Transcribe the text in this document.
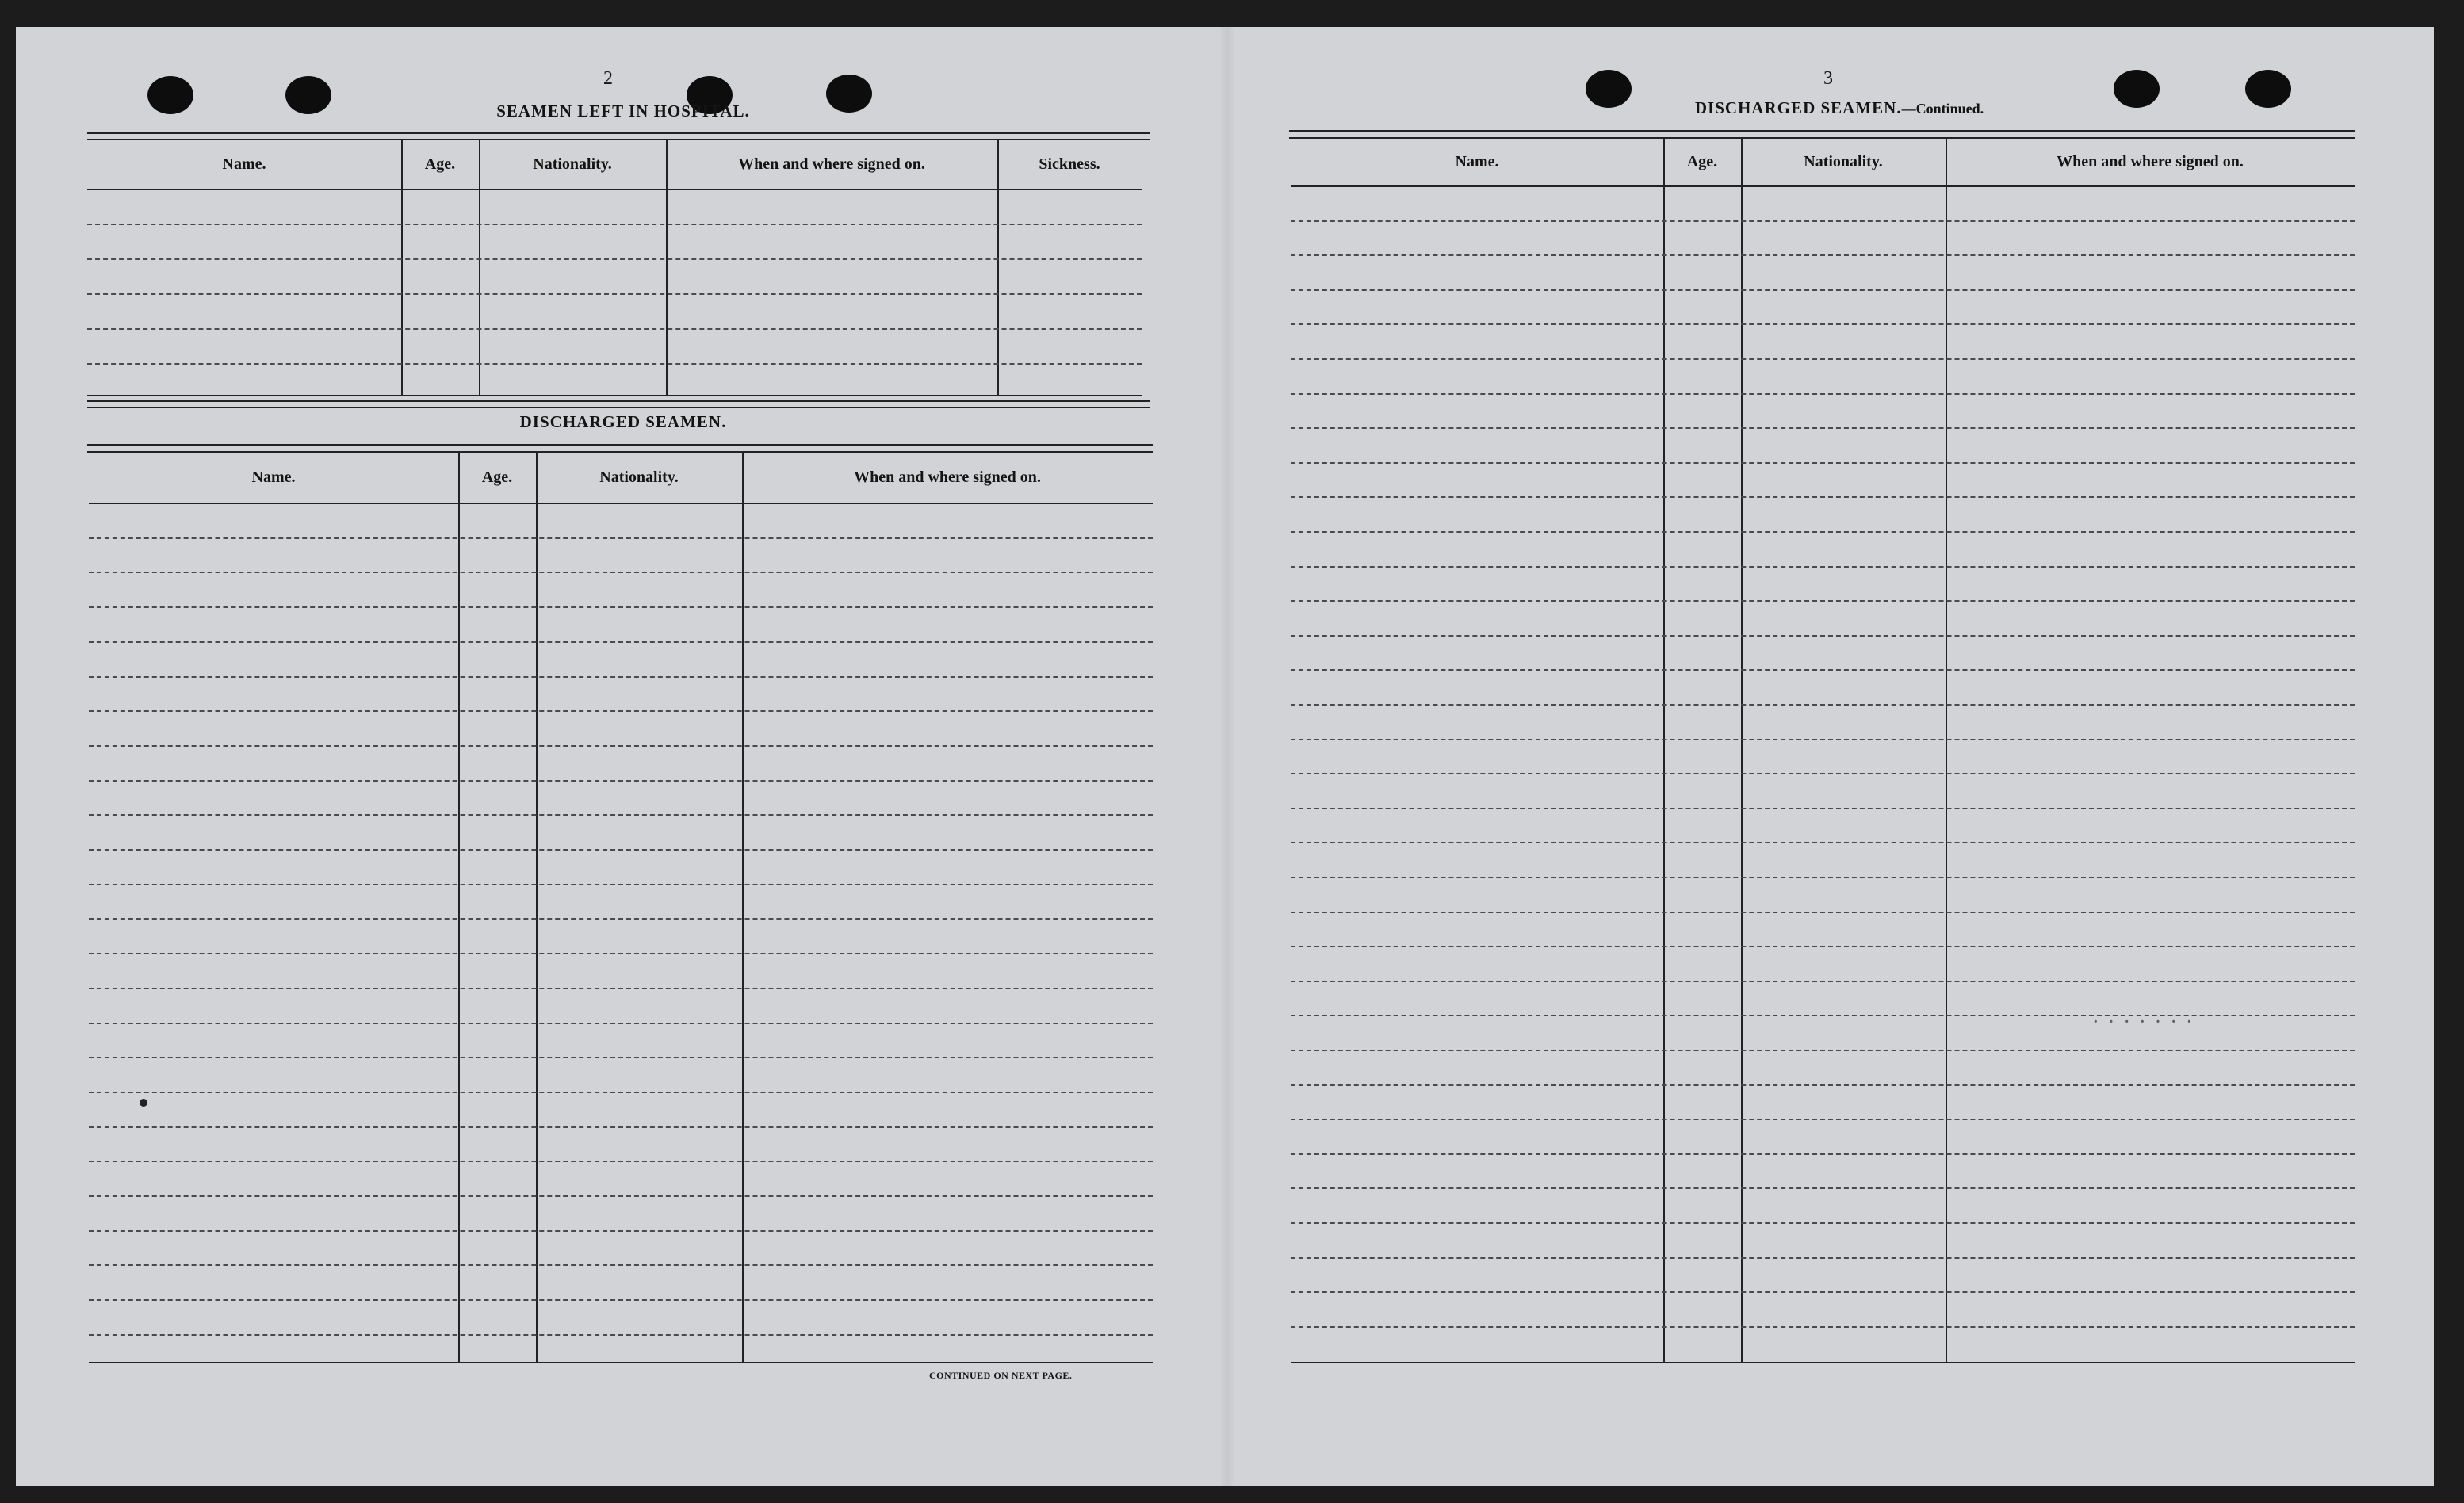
2
SEAMEN LEFT IN HOSPITAL.
Name.	Age.	Nationality.	When and where signed on.	Sickness.
DISCHARGED SEAMEN.
Name.	Age.	Nationality.	When and where signed on.
CONTINUED ON NEXT PAGE.
3
DISCHARGED SEAMEN.—Continued.
Name.	Age.	Nationality.	When and where signed on.
· · · · · · ·
